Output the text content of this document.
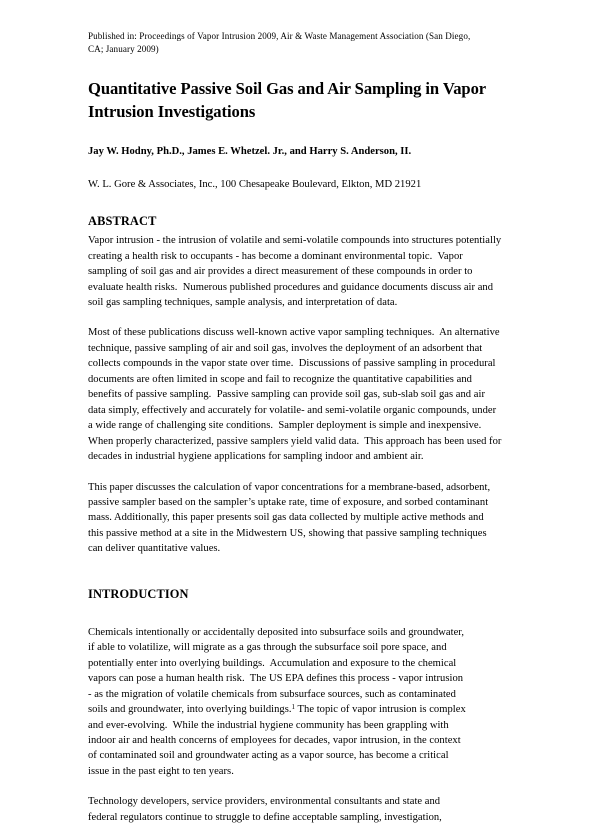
Published in: Proceedings of Vapor Intrusion 2009, Air & Waste Management Association (San Diego,
CA; January 2009)

Quantitative Passive Soil Gas and Air Sampling in Vapor
Intrusion Investigations

Jay W. Hodny, Ph.D., James E. Whetzel. Jr., and Harry S. Anderson, II.

W. L. Gore & Associates, Inc., 100 Chesapeake Boulevard, Elkton, MD 21921

ABSTRACT

Vapor intrusion - the intrusion of volatile and semi-volatile compounds into structures potentially
creating a health risk to occupants - has become a dominant environmental topic.  Vapor
sampling of soil gas and air provides a direct measurement of these compounds in order to
evaluate health risks.  Numerous published procedures and guidance documents discuss air and
soil gas sampling techniques, sample analysis, and interpretation of data.

Most of these publications discuss well-known active vapor sampling techniques.  An alternative
technique, passive sampling of air and soil gas, involves the deployment of an adsorbent that
collects compounds in the vapor state over time.  Discussions of passive sampling in procedural
documents are often limited in scope and fail to recognize the quantitative capabilities and
benefits of passive sampling.  Passive sampling can provide soil gas, sub-slab soil gas and air
data simply, effectively and accurately for volatile- and semi-volatile organic compounds, under
a wide range of challenging site conditions.  Sampler deployment is simple and inexpensive.
When properly characterized, passive samplers yield valid data.  This approach has been used for
decades in industrial hygiene applications for sampling indoor and ambient air.

This paper discusses the calculation of vapor concentrations for a membrane-based, adsorbent,
passive sampler based on the sampler’s uptake rate, time of exposure, and sorbed contaminant
mass. Additionally, this paper presents soil gas data collected by multiple active methods and
this passive method at a site in the Midwestern US, showing that passive sampling techniques
can deliver quantitative values.

INTRODUCTION

Chemicals intentionally or accidentally deposited into subsurface soils and groundwater,
if able to volatilize, will migrate as a gas through the subsurface soil pore space, and
potentially enter into overlying buildings.  Accumulation and exposure to the chemical
vapors can pose a human health risk.  The US EPA defines this process - vapor intrusion
- as the migration of volatile chemicals from subsurface sources, such as contaminated
soils and groundwater, into overlying buildings.$^1$ The topic of vapor intrusion is complex
and ever-evolving.  While the industrial hygiene community has been grappling with
indoor air and health concerns of employees for decades, vapor intrusion, in the context
of contaminated soil and groundwater acting as a vapor source, has become a critical
issue in the past eight to ten years.

Technology developers, service providers, environmental consultants and state and
federal regulators continue to struggle to define acceptable sampling, investigation,
